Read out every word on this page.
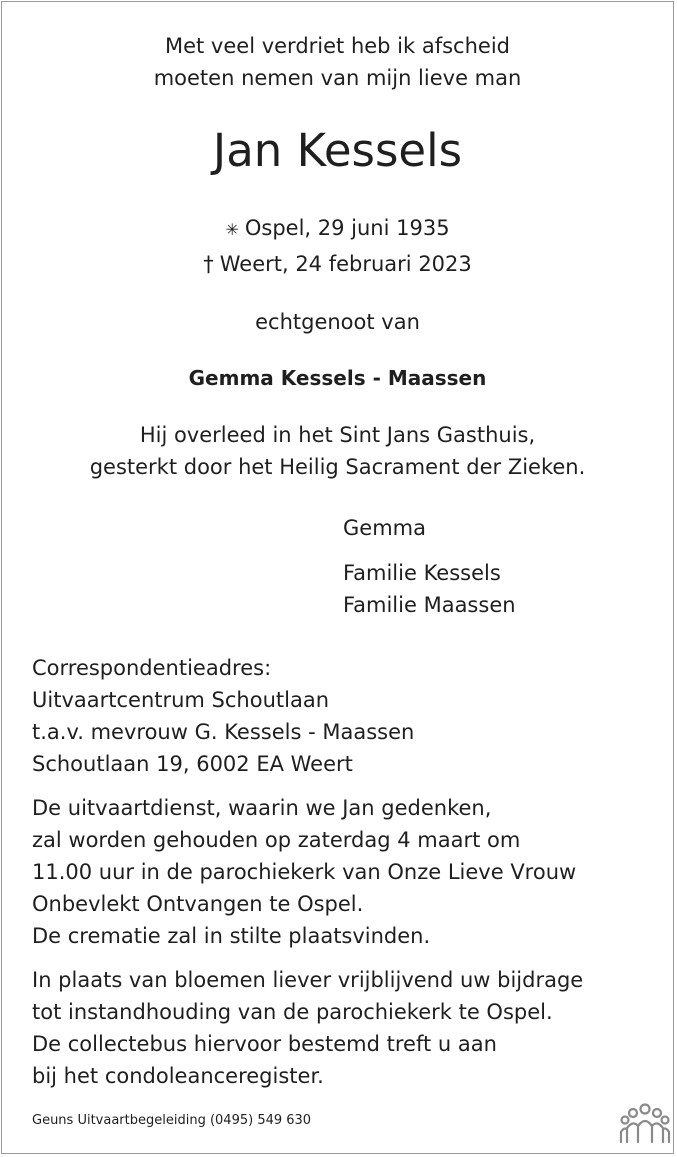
Met veel verdriet heb ik afscheid
moeten nemen van mijn lieve man
Jan Kessels
✳ Ospel, 29 juni 1935
† Weert, 24 februari 2023
echtgenoot van
Gemma Kessels - Maassen
Hij overleed in het Sint Jans Gasthuis,
gesterkt door het Heilig Sacrament der Zieken.
Gemma
Familie Kessels
Familie Maassen
Correspondentieadres:
Uitvaartcentrum Schoutlaan
t.a.v. mevrouw G. Kessels - Maassen
Schoutlaan 19, 6002 EA Weert
De uitvaartdienst, waarin we Jan gedenken,
zal worden gehouden op zaterdag 4 maart om
11.00 uur in de parochiekerk van Onze Lieve Vrouw
Onbevlekt Ontvangen te Ospel.
De crematie zal in stilte plaatsvinden.
In plaats van bloemen liever vrijblijvend uw bijdrage
tot instandhouding van de parochiekerk te Ospel.
De collectebus hiervoor bestemd treft u aan
bij het condoleanceregister.
Geuns Uitvaartbegeleiding (0495) 549 630
